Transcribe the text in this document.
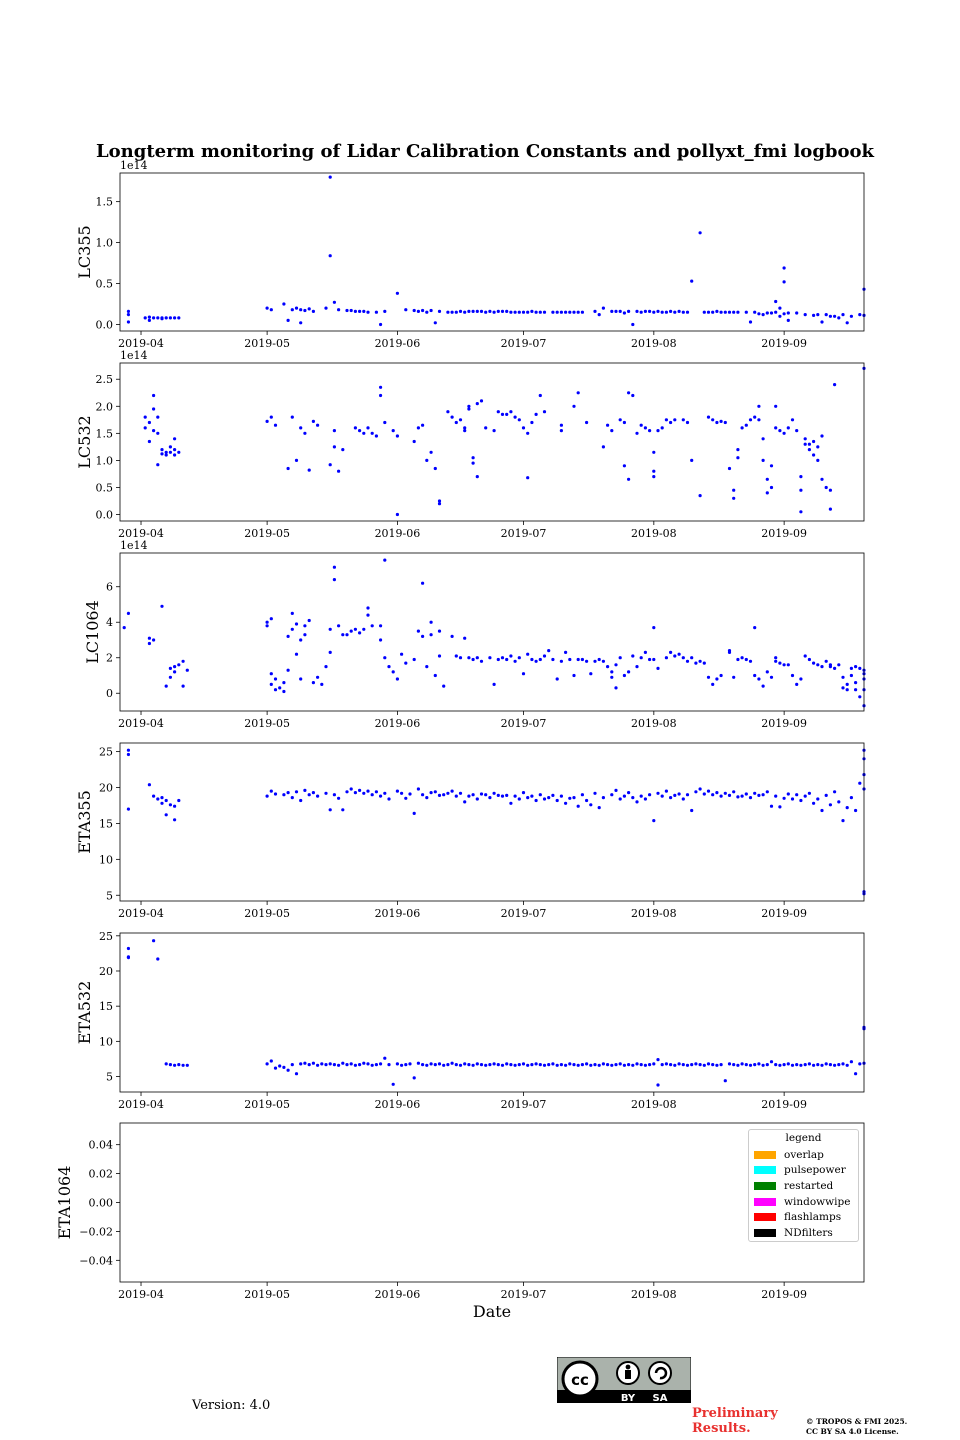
2019-04	2019-05	2019-06	2019-07	2019-08	2019-09
0.0
0.5
1.0
1.5
1e14
LC355
2019-04	2019-05	2019-06	2019-07	2019-08	2019-09
0.0
0.5
1.0
1.5
2.0
2.5
1e14
LC532
2019-04	2019-05	2019-06	2019-07	2019-08	2019-09
0
2
4
6
1e14
LC1064
2019-04	2019-05	2019-06	2019-07	2019-08	2019-09
5
10
15
20
25
ETA355
2019-04	2019-05	2019-06	2019-07	2019-08	2019-09
5
10
15
20
25
ETA532
2019-04	2019-05	2019-06	2019-07	2019-08	2019-09
0.04
0.02
0.00
−0.02
−0.04
ETA1064
Date
Longterm monitoring of Lidar Calibration Constants and pollyxt_fmi logbook
legend
overlap
pulsepower
restarted
windowwipe
flashlamps
NDfilters
Version: 4.0
cc
BY SA
Preliminary
Results.	© TROPOS & FMI 2025.
CC BY SA 4.0 License.
